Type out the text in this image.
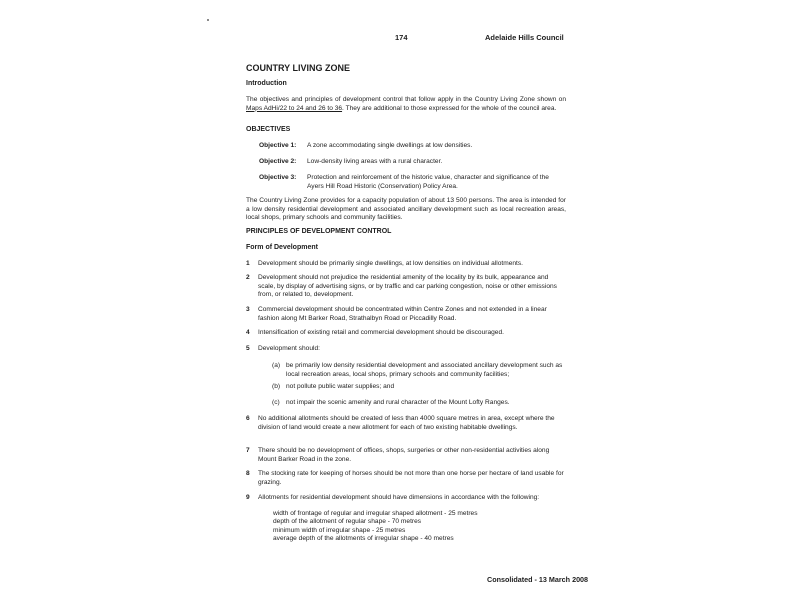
174	Adelaide Hills Council
COUNTRY LIVING ZONE
Introduction
The objectives and principles of development control that follow apply in the Country Living Zone shown on Maps AdHi/22 to 24 and 26 to 36. They are additional to those expressed for the whole of the council area.
OBJECTIVES
Objective 1: A zone accommodating single dwellings at low densities.
Objective 2: Low-density living areas with a rural character.
Objective 3: Protection and reinforcement of the historic value, character and significance of the Ayers Hill Road Historic (Conservation) Policy Area.
The Country Living Zone provides for a capacity population of about 13 500 persons. The area is intended for a low density residential development and associated ancillary development such as local recreation areas, local shops, primary schools and community facilities.
PRINCIPLES OF DEVELOPMENT CONTROL
Form of Development
1 Development should be primarily single dwellings, at low densities on individual allotments.
2 Development should not prejudice the residential amenity of the locality by its bulk, appearance and scale, by display of advertising signs, or by traffic and car parking congestion, noise or other emissions from, or related to, development.
3 Commercial development should be concentrated within Centre Zones and not extended in a linear fashion along Mt Barker Road, Strathalbyn Road or Piccadilly Road.
4 Intensification of existing retail and commercial development should be discouraged.
5 Development should:
(a) be primarily low density residential development and associated ancillary development such as local recreation areas, local shops, primary schools and community facilities;
(b) not pollute public water supplies; and
(c) not impair the scenic amenity and rural character of the Mount Lofty Ranges.
6 No additional allotments should be created of less than 4000 square metres in area, except where the division of land would create a new allotment for each of two existing habitable dwellings.
7 There should be no development of offices, shops, surgeries or other non-residential activities along Mount Barker Road in the zone.
8 The stocking rate for keeping of horses should be not more than one horse per hectare of land usable for grazing.
9 Allotments for residential development should have dimensions in accordance with the following:
width of frontage of regular and irregular shaped allotment - 25 metres
depth of the allotment of regular shape - 70 metres
minimum width of irregular shape - 25 metres
average depth of the allotments of irregular shape - 40 metres
Consolidated - 13 March 2008
